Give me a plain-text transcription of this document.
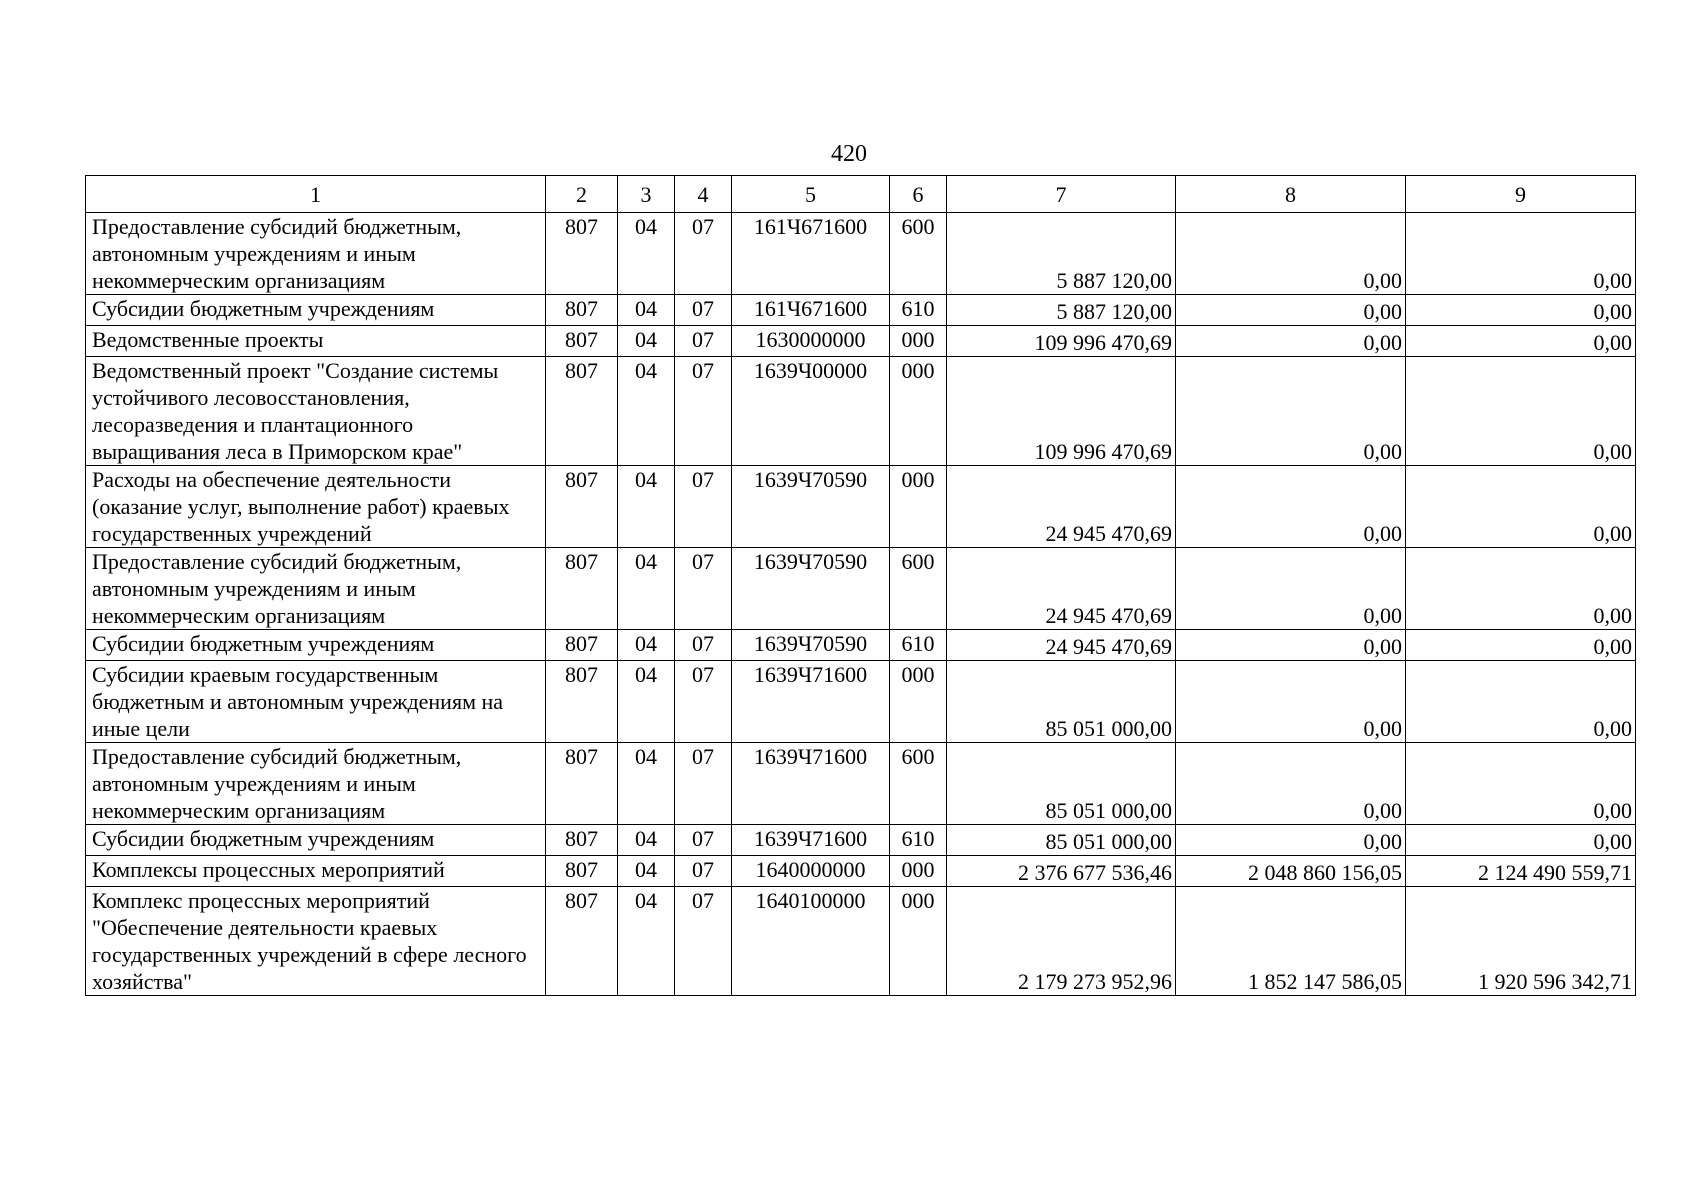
420
1	2	3	4	5	6	7	8	9
Предоставление субсидий бюджетным, автономным учреждениям и иным некоммерческим организациям	807	04	07	161Ч671600	600	5 887 120,00	0,00	0,00
Субсидии бюджетным учреждениям	807	04	07	161Ч671600	610	5 887 120,00	0,00	0,00
Ведомственные проекты	807	04	07	1630000000	000	109 996 470,69	0,00	0,00
Ведомственный проект "Создание системы устойчивого лесовосстановления, лесоразведения и плантационного выращивания леса в Приморском крае"	807	04	07	1639Ч00000	000	109 996 470,69	0,00	0,00
Расходы на обеспечение деятельности (оказание услуг, выполнение работ) краевых государственных учреждений	807	04	07	1639Ч70590	000	24 945 470,69	0,00	0,00
Предоставление субсидий бюджетным, автономным учреждениям и иным некоммерческим организациям	807	04	07	1639Ч70590	600	24 945 470,69	0,00	0,00
Субсидии бюджетным учреждениям	807	04	07	1639Ч70590	610	24 945 470,69	0,00	0,00
Субсидии краевым государственным бюджетным и автономным учреждениям на иные цели	807	04	07	1639Ч71600	000	85 051 000,00	0,00	0,00
Предоставление субсидий бюджетным, автономным учреждениям и иным некоммерческим организациям	807	04	07	1639Ч71600	600	85 051 000,00	0,00	0,00
Субсидии бюджетным учреждениям	807	04	07	1639Ч71600	610	85 051 000,00	0,00	0,00
Комплексы процессных мероприятий	807	04	07	1640000000	000	2 376 677 536,46	2 048 860 156,05	2 124 490 559,71
Комплекс процессных мероприятий "Обеспечение деятельности краевых государственных учреждений в сфере лесного хозяйства"	807	04	07	1640100000	000	2 179 273 952,96	1 852 147 586,05	1 920 596 342,71
